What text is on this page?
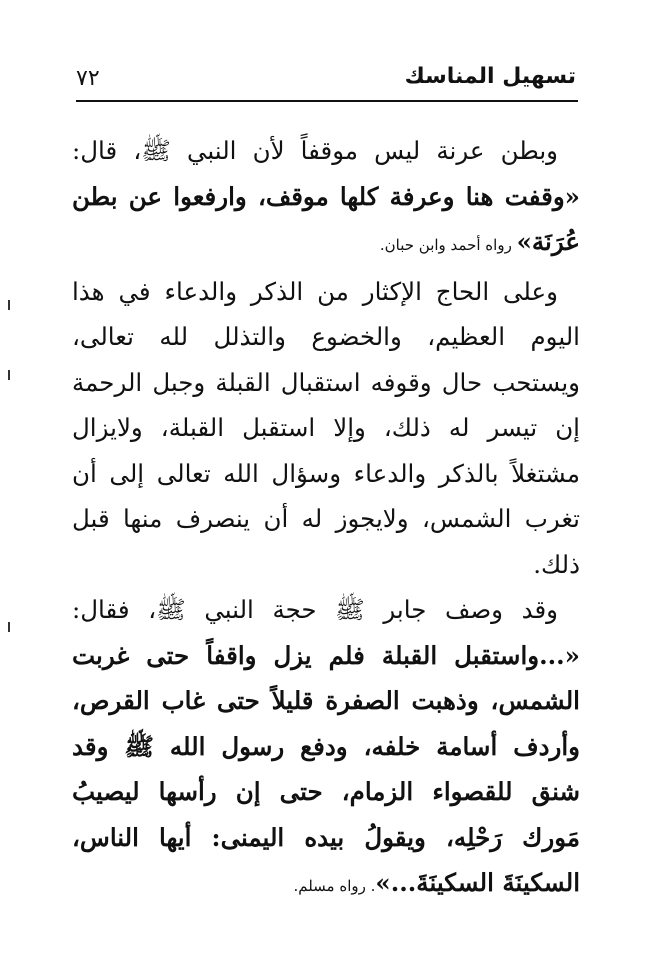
تسهيل المناسك
٧٢

وبطن عرنة ليس موقفاً لأن النبي ﷺ، قال: «وقفت هنا وعرفة كلها موقف، وارفعوا عن بطن عُرَنَة» رواه أحمد وابن حبان.

وعلى الحاج الإكثار من الذكر والدعاء في هذا اليوم العظيم، والخضوع والتذلل لله تعالى، ويستحب حال وقوفه استقبال القبلة وجبل الرحمة إن تيسر له ذلك، وإلا استقبل القبلة، ولايزال مشتغلاً بالذكر والدعاء وسؤال الله تعالى إلى أن تغرب الشمس، ولايجوز له أن ينصرف منها قبل ذلك.

وقد وصف جابر ﷺ حجة النبي ﷺ، فقال: «...واستقبل القبلة فلم يزل واقفاً حتى غربت الشمس، وذهبت الصفرة قليلاً حتى غاب القرص، وأردف أسامة خلفه، ودفع رسول الله ﷺ وقد شنق للقصواء الزمام، حتى إن رأسها ليصيبُ مَورك رَحْلِه، ويقولُ بيده اليمنى: أيها الناس، السكينَةَ السكينَةَ...». رواه مسلم.
